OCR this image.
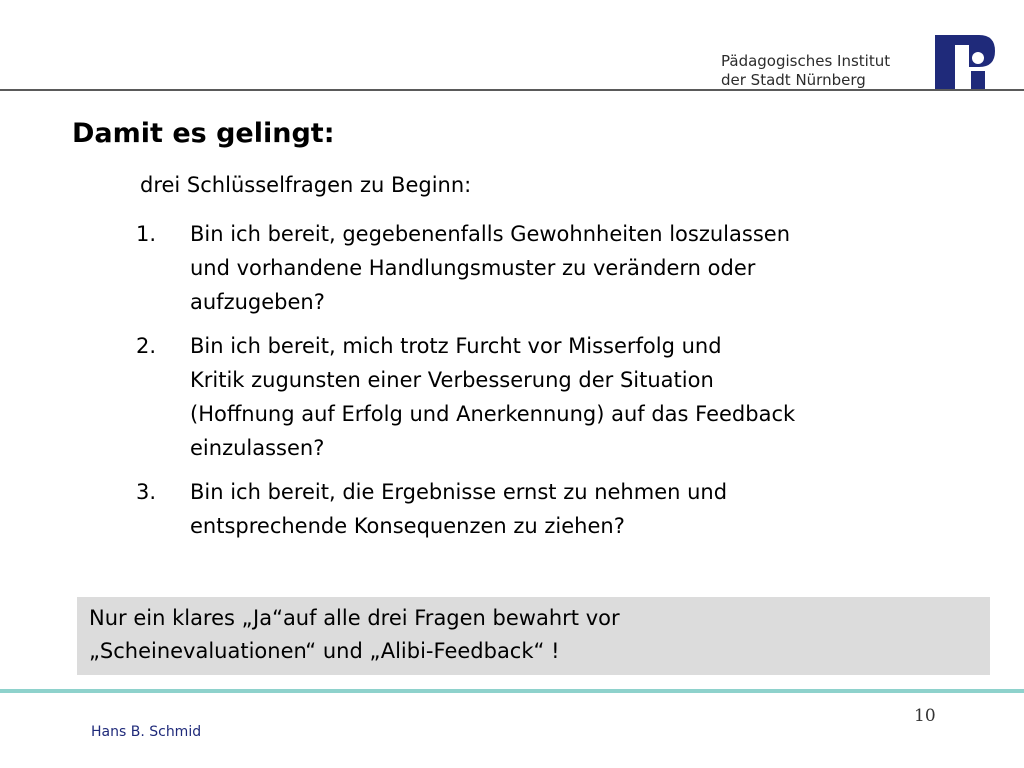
Pädagogisches Institut
der Stadt Nürnberg
Damit es gelingt:
drei Schlüsselfragen zu Beginn:
1. Bin ich bereit, gegebenenfalls Gewohnheiten loszulassen
und vorhandene Handlungsmuster zu verändern oder
aufzugeben?
2. Bin ich bereit, mich trotz Furcht vor Misserfolg und
Kritik zugunsten einer Verbesserung der Situation
(Hoffnung auf Erfolg und Anerkennung) auf das Feedback
einzulassen?
3. Bin ich bereit, die Ergebnisse ernst zu nehmen und
entsprechende Konsequenzen zu ziehen?
Nur ein klares „Ja“auf alle drei Fragen bewahrt vor
„Scheinevaluationen“ und „Alibi-Feedback“ !
Hans B. Schmid
10
